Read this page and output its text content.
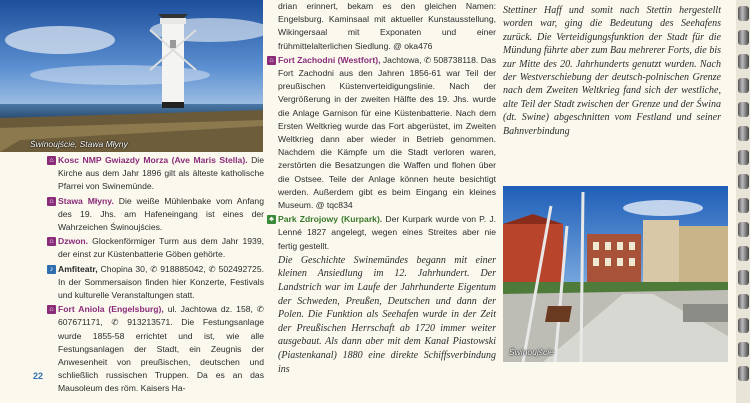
Świnoujście, Stawa Młyny
⌂ Kosc NMP Gwiazdy Morza (Ave Maris Stella). Die Kirche aus dem Jahr 1896 gilt als älteste katholische Pfarrei von Swinemünde.
⌂ Stawa Młyny. Die weiße Mühlenbake vom Anfang des 19. Jhs. am Hafeneingang ist eines der Wahrzeichen Świnoujścies.
⌂ Dzwon. Glockenförmiger Turm aus dem Jahr 1939, der einst zur Küstenbatterie Göben gehörte.
♪ Amfiteatr, Chopina 30, ✆ 918885042, ✆ 502492725. In der Sommersaison finden hier Konzerte, Festivals und kulturelle Veranstaltungen statt.
⌂ Fort Aniola (Engelsburg), ul. Jachtowa dz. 158, ✆ 607671171, ✆ 913213571. Die Festungsanlage wurde 1855-58 errichtet und ist, wie alle Festungsanlagen der Stadt, ein Zeugnis der Anwesenheit von preußischen, deutschen und schließlich russischen Truppen. Da es an das Mausoleum des röm. Kaisers Ha-
drian erinnert, bekam es den gleichen Namen: Engelsburg. Kaminsaal mit aktueller Kunstausstellung, Wikingersaal mit Exponaten und einer frühmittelalterlichen Siedlung. @ oka476
⌂ Fort Zachodni (Westfort), Jachtowa, ✆ 508738118. Das Fort Zachodni aus den Jahren 1856-61 war Teil der preußischen Küstenverteidigungslinie. Nach der Vergrößerung in der zweiten Hälfte des 19. Jhs. wurde die Anlage Garnison für eine Küstenbatterie. Nach dem Ersten Weltkrieg wurde das Fort abgerüstet, im Zweiten Weltkrieg dann aber wieder in Betrieb genommen. Nachdem die Kämpfe um die Stadt verloren waren, zerstörten die Besatzungen die Waffen und flohen über die Ostsee. Teile der Anlage können heute besichtigt werden. Außerdem gibt es beim Eingang ein kleines Museum. @ tqc834
♣ Park Zdrojowy (Kurpark). Der Kurpark wurde von P. J. Lenné 1827 angelegt, wegen eines Streites aber nie fertig gestellt.
Die Geschichte Swinemündes begann mit einer kleinen Ansiedlung im 12. Jahrhundert. Der Landstrich war im Laufe der Jahrhunderte Eigentum der Schweden, Preußen, Deutschen und dann der Polen. Die Funktion als Seehafen wurde in der Zeit der Preußischen Herrschaft ab 1720 immer weiter ausgebaut. Als dann aber mit dem Kanał Piastowski (Piastenkanal) 1880 eine direkte Schiffsverbindung ins
Stettiner Haff und somit nach Stettin hergestellt worden war, ging die Bedeutung des Seehafens zurück. Die Verteidigungsfunktion der Stadt für die Mündung führte aber zum Bau mehrerer Forts, die bis zur Mitte des 20. Jahrhunderts genutzt wurden. Nach der Westverschiebung der deutsch-polnischen Grenze nach dem Zweiten Weltkrieg fand sich der westliche, alte Teil der Stadt zwischen der Grenze und der Świna (dt. Swine) abgeschnitten vom Festland und seiner Bahnverbindung
Świnoujście
22
